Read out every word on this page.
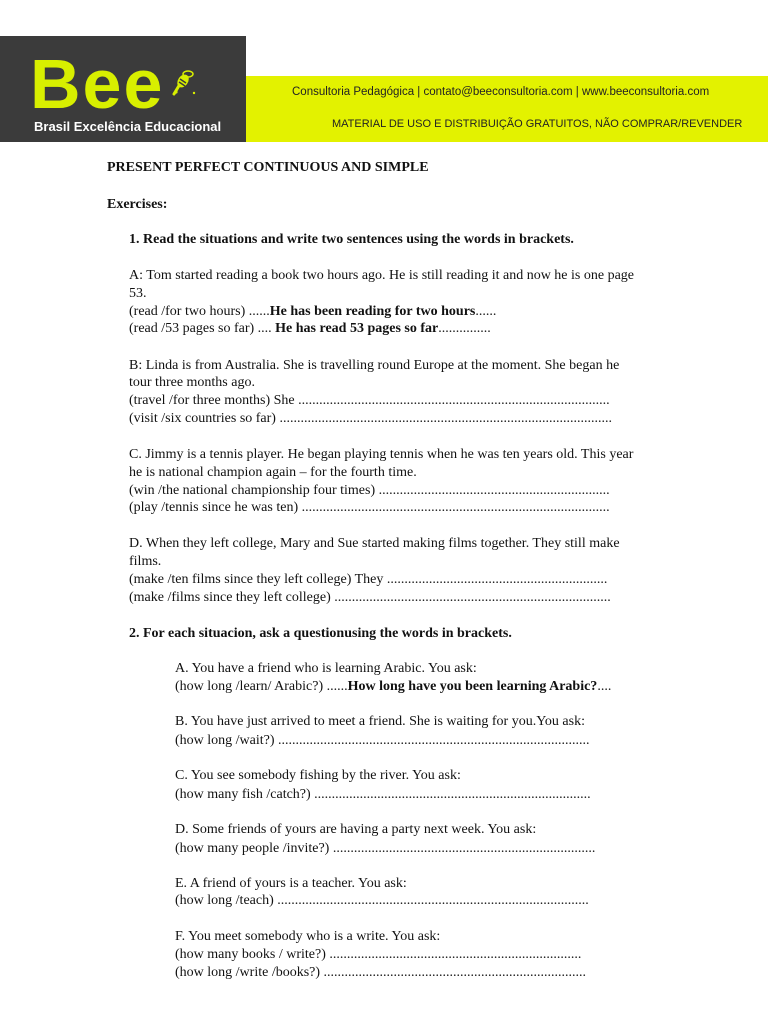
Bee
Brasil Excelência Educacional
Consultoria Pedagógica | contato@beeconsultoria.com | www.beeconsultoria.com
MATERIAL DE USO E DISTRIBUIÇÃO GRATUITOS, NÃO COMPRAR/REVENDER
PRESENT PERFECT CONTINUOUS AND SIMPLE
Exercises:
1. Read the situations and write two sentences using the words in brackets.
A: Tom started reading a book two hours ago. He is still reading it and now he is one page
53.
(read /for two hours) ......He has been reading for two hours......
(read /53 pages so far) .... He has read 53 pages so far...............
B: Linda is from Australia. She is travelling round Europe at the moment. She began he
tour three months ago.
(travel /for three months) She .........................................................................................
(visit /six countries so far) ...............................................................................................
C. Jimmy is a tennis player. He began playing tennis when he was ten years old. This year
he is national champion again – for the fourth time.
(win /the national championship four times) ..................................................................
(play /tennis since he was ten) ........................................................................................
D. When they left college, Mary and Sue started making films together. They still make
films.
(make /ten films since they left college) They ...............................................................
(make /films since they left college) ...............................................................................
2. For each situacion, ask a questionusing the words in brackets.
A. You have a friend who is learning Arabic. You ask:
(how long /learn/ Arabic?) ......How long have you been learning Arabic?....
B. You have just arrived to meet a friend. She is waiting for you.You ask:
(how long /wait?) .........................................................................................
C. You see somebody fishing by the river. You ask:
(how many fish /catch?) ...............................................................................
D. Some friends of yours are having a party next week. You ask:
(how many people /invite?) ...........................................................................
E. A friend of yours is a teacher. You ask:
(how long /teach) .........................................................................................
F. You meet somebody who is a write. You ask:
(how many books / write?) ........................................................................
(how long /write /books?) ...........................................................................
